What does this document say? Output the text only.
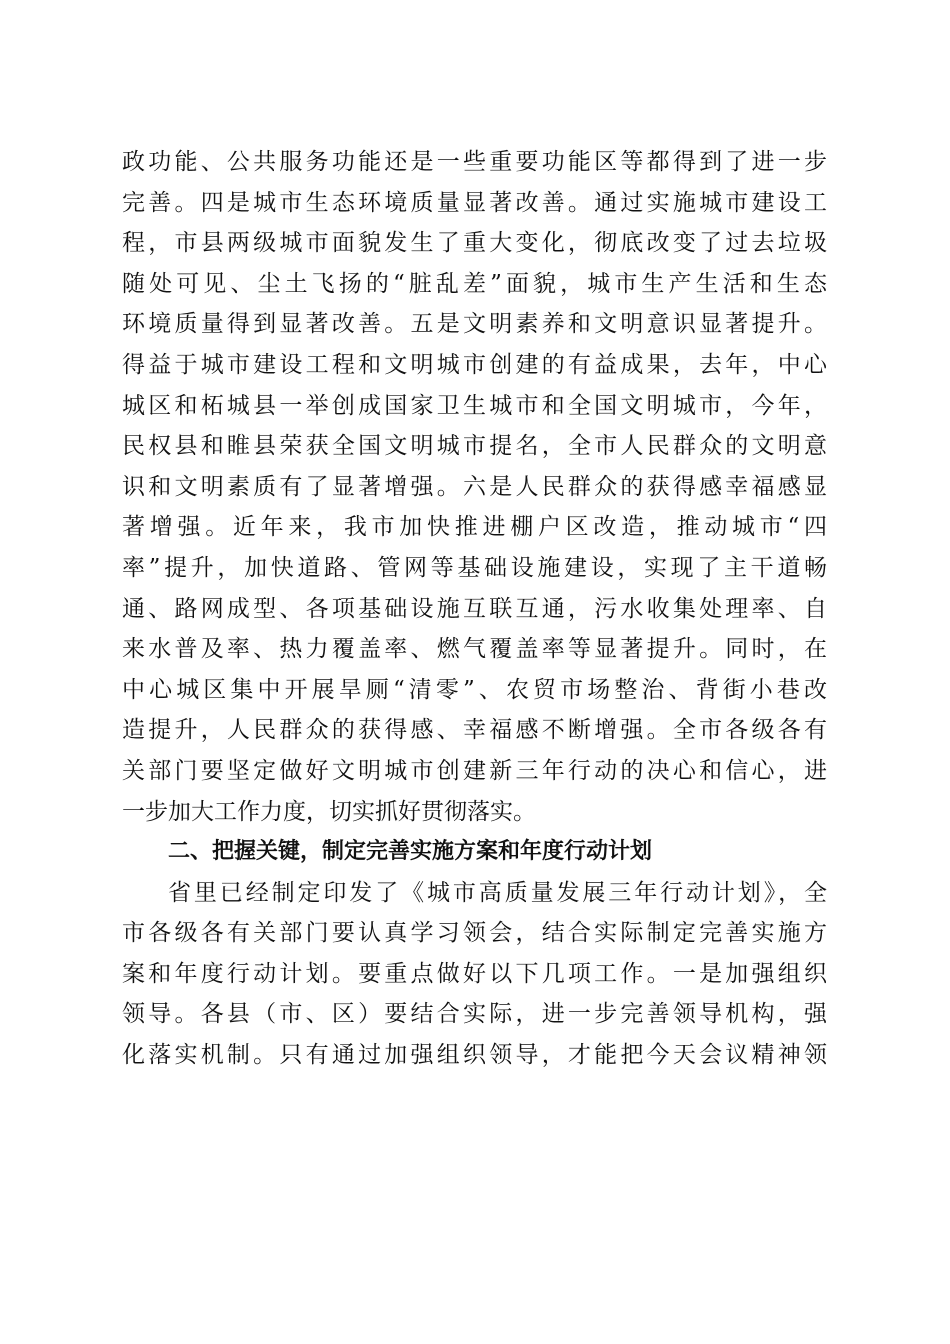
政功能、公共服务功能还是一些重要功能区等都得到了进一步
完善。四是城市生态环境质量显著改善。通过实施城市建设工
程，市县两级城市面貌发生了重大变化，彻底改变了过去垃圾
随处可见、尘土飞扬的“脏乱差”面貌，城市生产生活和生态
环境质量得到显著改善。五是文明素养和文明意识显著提升。
得益于城市建设工程和文明城市创建的有益成果，去年，中心
城区和柘城县一举创成国家卫生城市和全国文明城市，今年，
民权县和睢县荣获全国文明城市提名，全市人民群众的文明意
识和文明素质有了显著增强。六是人民群众的获得感幸福感显
著增强。近年来，我市加快推进棚户区改造，推动城市“四
率”提升，加快道路、管网等基础设施建设，实现了主干道畅
通、路网成型、各项基础设施互联互通，污水收集处理率、自
来水普及率、热力覆盖率、燃气覆盖率等显著提升。同时，在
中心城区集中开展旱厕“清零”、农贸市场整治、背街小巷改
造提升，人民群众的获得感、幸福感不断增强。全市各级各有
关部门要坚定做好文明城市创建新三年行动的决心和信心，进
一步加大工作力度，切实抓好贯彻落实。
二、把握关键，制定完善实施方案和年度行动计划
省里已经制定印发了《城市高质量发展三年行动计划》，全
市各级各有关部门要认真学习领会，结合实际制定完善实施方
案和年度行动计划。要重点做好以下几项工作。一是加强组织
领导。各县（市、区）要结合实际，进一步完善领导机构，强
化落实机制。只有通过加强组织领导，才能把今天会议精神领
